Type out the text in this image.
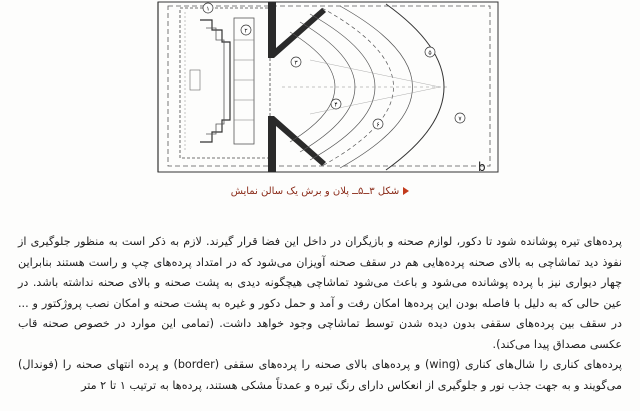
۱
۲
۳
۴
۵
۶
۷
b
شکل ۳ــ۵ــ پلان و برش یک سالن نمایش

پرده‌های تیره پوشانده شود تا دکور، لوازم صحنه و بازیگران در داخل این فضا قرار گیرند. لازم به ذکر است به منظور جلوگیری از نفوذ دید تماشاچی به بالای صحنه پرده‌هایی هم در سقف صحنه آویزان می‌شود که در امتداد پرده‌های چپ و راست هستند بنابراین چهار دیواری نیز با پرده پوشانده می‌شود و باعث می‌شود تماشاچی هیچگونه دیدی به پشت صحنه و بالای صحنه نداشته باشد. در عین حالی که به دلیل با فاصله بودن این پرده‌ها امکان رفت و آمد و حمل دکور و غیره به پشت صحنه و امکان نصب پروژکتور و ... در سقف بین پرده‌های سقفی بدون دیده شدن توسط تماشاچی وجود خواهد داشت. (تمامی این موارد در خصوص صحنه قاب عکسی مصداق پیدا می‌کند).

پرده‌های کناری را شال‌های کناری (wing) و پرده‌های بالای صحنه را پرده‌های سقفی (border) و پرده انتهای صحنه را (فوندال) می‌گویند و به جهت جذب نور و جلوگیری از انعکاس دارای رنگ تیره و عمدتاً مشکی هستند، پرده‌ها به ترتیب ۱ تا ۲ متر
